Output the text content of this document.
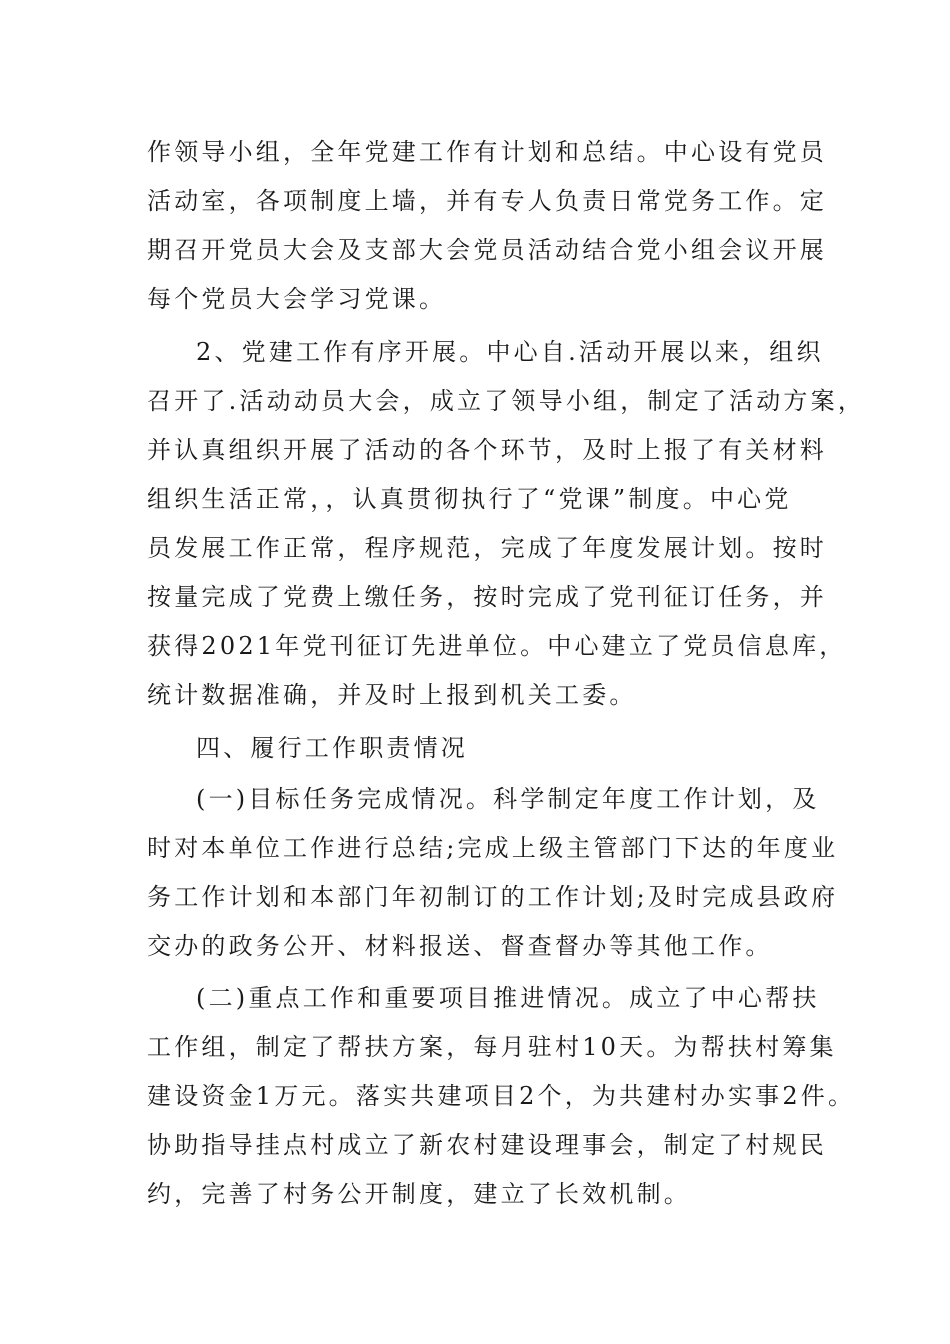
作领导小组，全年党建工作有计划和总结。中心设有党员
活动室，各项制度上墙，并有专人负责日常党务工作。定
期召开党员大会及支部大会党员活动结合党小组会议开展
每个党员大会学习党课。
2、党建工作有序开展。中心自.活动开展以来，组织
召开了.活动动员大会，成立了领导小组，制定了活动方案，
并认真组织开展了活动的各个环节，及时上报了有关材料
组织生活正常，，认真贯彻执行了“党课”制度。中心党
员发展工作正常，程序规范，完成了年度发展计划。按时
按量完成了党费上缴任务，按时完成了党刊征订任务，并
获得2021年党刊征订先进单位。中心建立了党员信息库，
统计数据准确，并及时上报到机关工委。
四、履行工作职责情况
(一)目标任务完成情况。科学制定年度工作计划，及
时对本单位工作进行总结;完成上级主管部门下达的年度业
务工作计划和本部门年初制订的工作计划;及时完成县政府
交办的政务公开、材料报送、督查督办等其他工作。
(二)重点工作和重要项目推进情况。成立了中心帮扶
工作组，制定了帮扶方案，每月驻村10天。为帮扶村筹集
建设资金1万元。落实共建项目2个，为共建村办实事2件。
协助指导挂点村成立了新农村建设理事会，制定了村规民
约，完善了村务公开制度，建立了长效机制。
